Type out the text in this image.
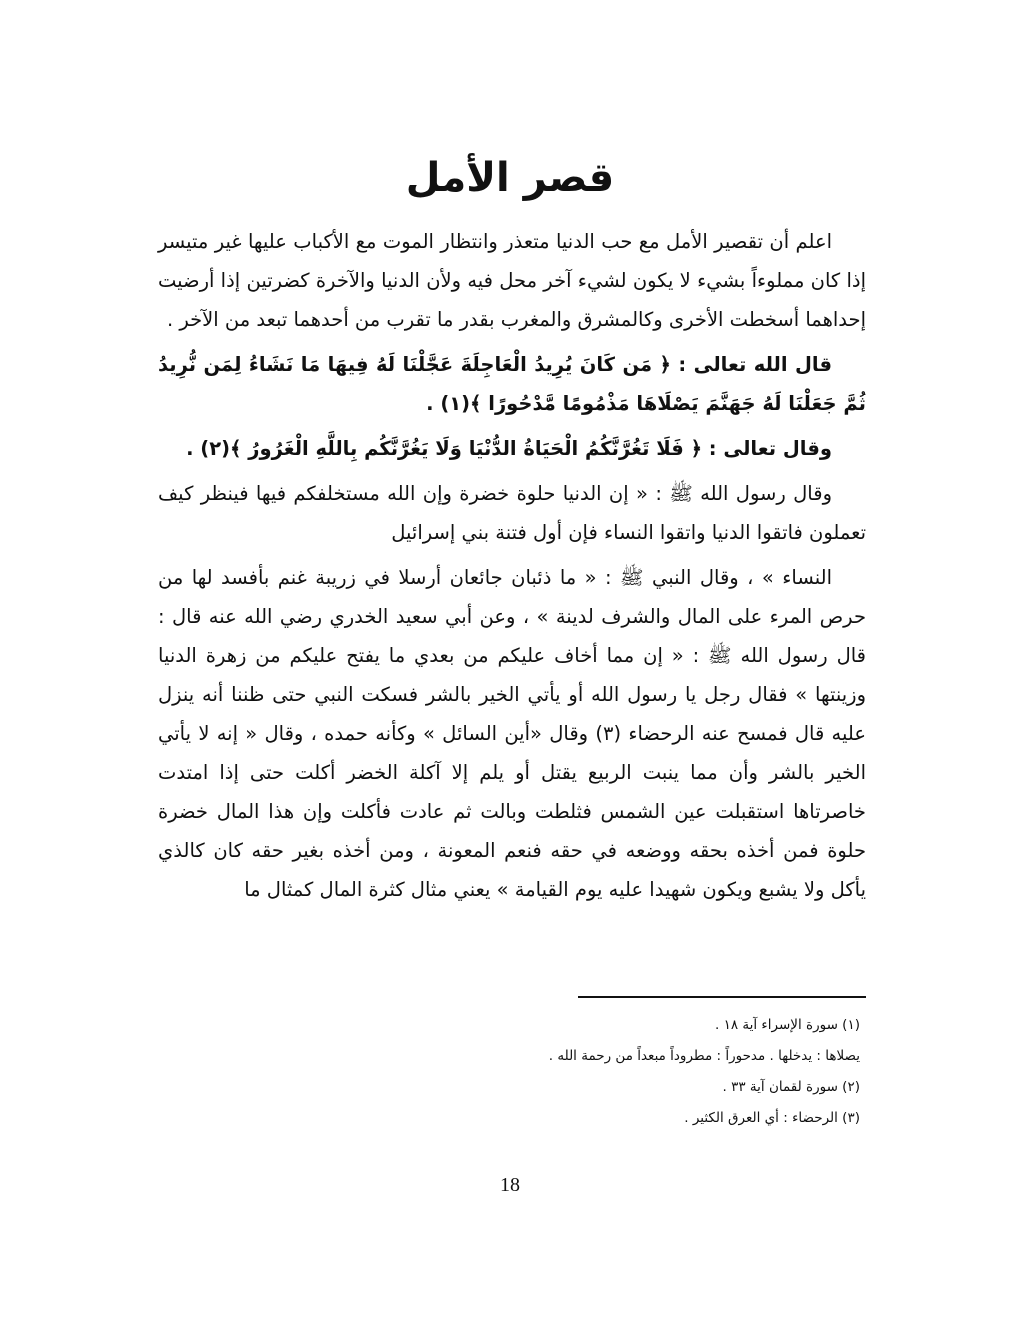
قصر الأمل

اعلم أن تقصير الأمل مع حب الدنيا متعذر وانتظار الموت مع الأكباب عليها غير متيسر إذا كان مملوءاً بشيء لا يكون لشيء آخر محل فيه ولأن الدنيا والآخرة كضرتين إذا أرضيت إحداهما أسخطت الأخرى وكالمشرق والمغرب بقدر ما تقرب من أحدهما تبعد من الآخر .

قال الله تعالى : ﴿ مَن كَانَ يُرِيدُ الْعَاجِلَةَ عَجَّلْنَا لَهُ فِيهَا مَا نَشَاءُ لِمَن نُّرِيدُ ثُمَّ جَعَلْنَا لَهُ جَهَنَّمَ يَصْلَاهَا مَذْمُومًا مَّدْحُورًا ﴾(١) .

وقال تعالى : ﴿ فَلَا تَغُرَّنَّكُمُ الْحَيَاةُ الدُّنْيَا وَلَا يَغُرَّنَّكُم بِاللَّهِ الْغَرُورُ ﴾(٢) .

وقال رسول الله ﷺ : « إن الدنيا حلوة خضرة وإن الله مستخلفكم فيها فينظر كيف تعملون فاتقوا الدنيا واتقوا النساء فإن أول فتنة بني إسرائيل

النساء » ، وقال النبي ﷺ : « ما ذئبان جائعان أرسلا في زريبة غنم بأفسد لها من حرص المرء على المال والشرف لدينة » ، وعن أبي سعيد الخدري رضي الله عنه قال : قال رسول الله ﷺ : « إن مما أخاف عليكم من بعدي ما يفتح عليكم من زهرة الدنيا وزينتها » فقال رجل يا رسول الله أو يأتي الخير بالشر فسكت النبي حتى ظننا أنه ينزل عليه قال فمسح عنه الرحضاء (٣) وقال «أين السائل » وكأنه حمده ، وقال « إنه لا يأتي الخير بالشر وأن مما ينبت الربيع يقتل أو يلم إلا آكلة الخضر أكلت حتى إذا امتدت خاصرتاها استقبلت عين الشمس فثلطت وبالت ثم عادت فأكلت وإن هذا المال خضرة حلوة فمن أخذه بحقه ووضعه في حقه فنعم المعونة ، ومن أخذه بغير حقه كان كالذي يأكل ولا يشبع ويكون شهيدا عليه يوم القيامة » يعني مثال كثرة المال كمثال ما

(١) سورة الإسراء آية ١٨ .
يصلاها : يدخلها . مدحوراً : مطروداً مبعداً من رحمة الله .
(٢) سورة لقمان آية ٣٣ .
(٣) الرحضاء : أي العرق الكثير .
18
